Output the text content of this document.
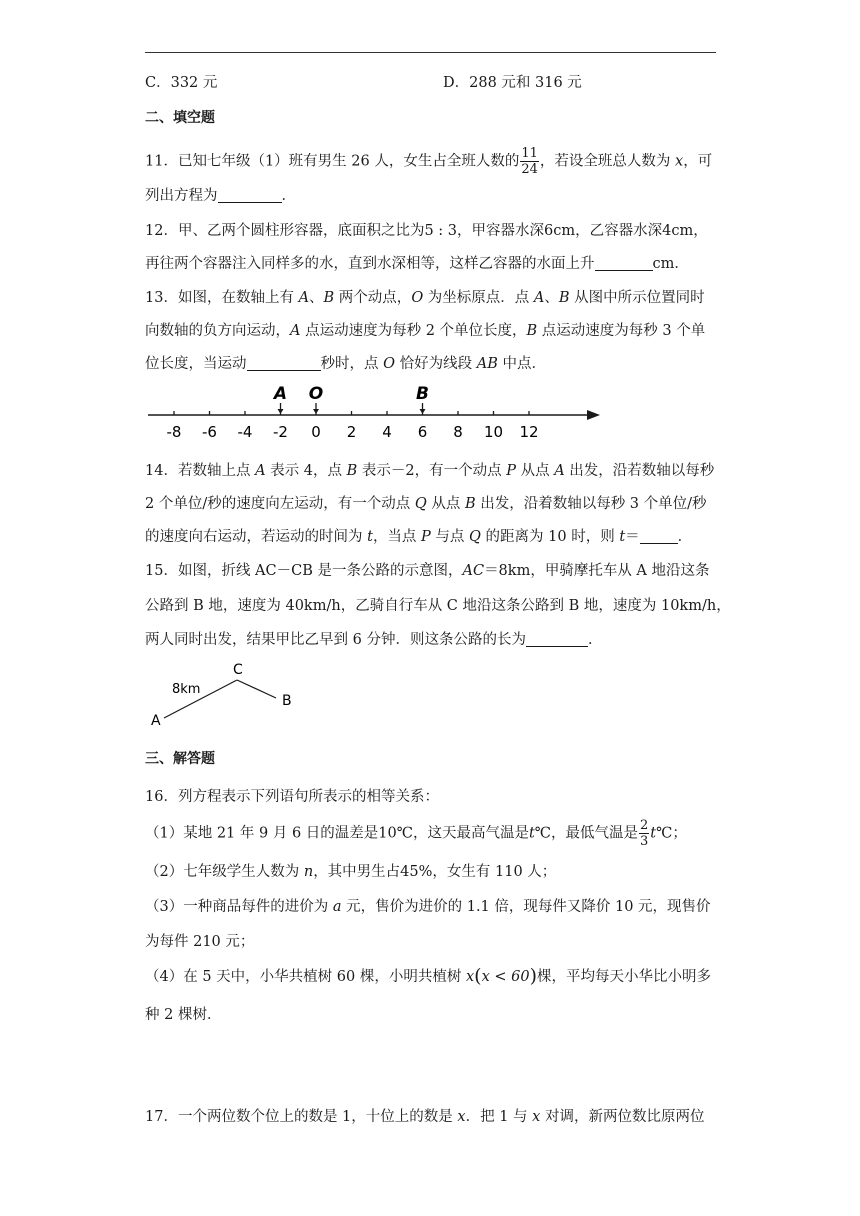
C．332 元	D．288 元和 316 元
二、填空题
11．已知七年级（1）班有男生 26 人，女生占全班人数的 $\frac{11}{24}$ ，若设全班总人数为 x，可
列出方程为	．
12．甲、乙两个圆柱形容器，底面积之比为5 : 3，甲容器水深6cm，乙容器水深4cm，
再往两个容器注入同样多的水，直到水深相等，这样乙容器的水面上升	cm．
13．如图，在数轴上有 A、B 两个动点，O 为坐标原点．点 A、B 从图中所示位置同时
向数轴的负方向运动，A 点运动速度为每秒 2 个单位长度，B 点运动速度为每秒 3 个单
位长度，当运动	秒时，点 O 恰好为线段 AB 中点．
-8 -6 -4 -2 0 2 4 6 8 10 12
A O	B
14．若数轴上点 A 表示 4，点 B 表示－2，有一个动点 P 从点 A 出发，沿若数轴以每秒
2 个单位/秒的速度向左运动，有一个动点 Q 从点 B 出发，沿着数轴以每秒 3 个单位/秒
的速度向右运动，若运动的时间为 t，当点 P 与点 Q 的距离为 10 时，则 t＝	．
15．如图，折线 AC－CB 是一条公路的示意图，AC＝8km，甲骑摩托车从 A 地沿这条
公路到 B 地，速度为 40km/h，乙骑自行车从 C 地沿这条公路到 B 地，速度为 10km/h，
两人同时出发，结果甲比乙早到 6 分钟．则这条公路的长为	．
C
B
A
8km
三、解答题
16．列方程表示下列语句所表示的相等关系：
（1）某地 21 年 9 月 6 日的温差是10℃，这天最高气温是t℃，最低气温是 $\frac{2}{3}$ t℃；
（2）七年级学生人数为 n，其中男生占45%，女生有 110 人；
（3）一种商品每件的进价为 a 元，售价为进价的 1.1 倍，现每件又降价 10 元，现售价
为每件 210 元；
（4）在 5 天中，小华共植树 60 棵，小明共植树 x(x < 60)棵，平均每天小华比小明多
种 2 棵树．
17．一个两位数个位上的数是 1，十位上的数是 x．把 1 与 x 对调，新两位数比原两位
